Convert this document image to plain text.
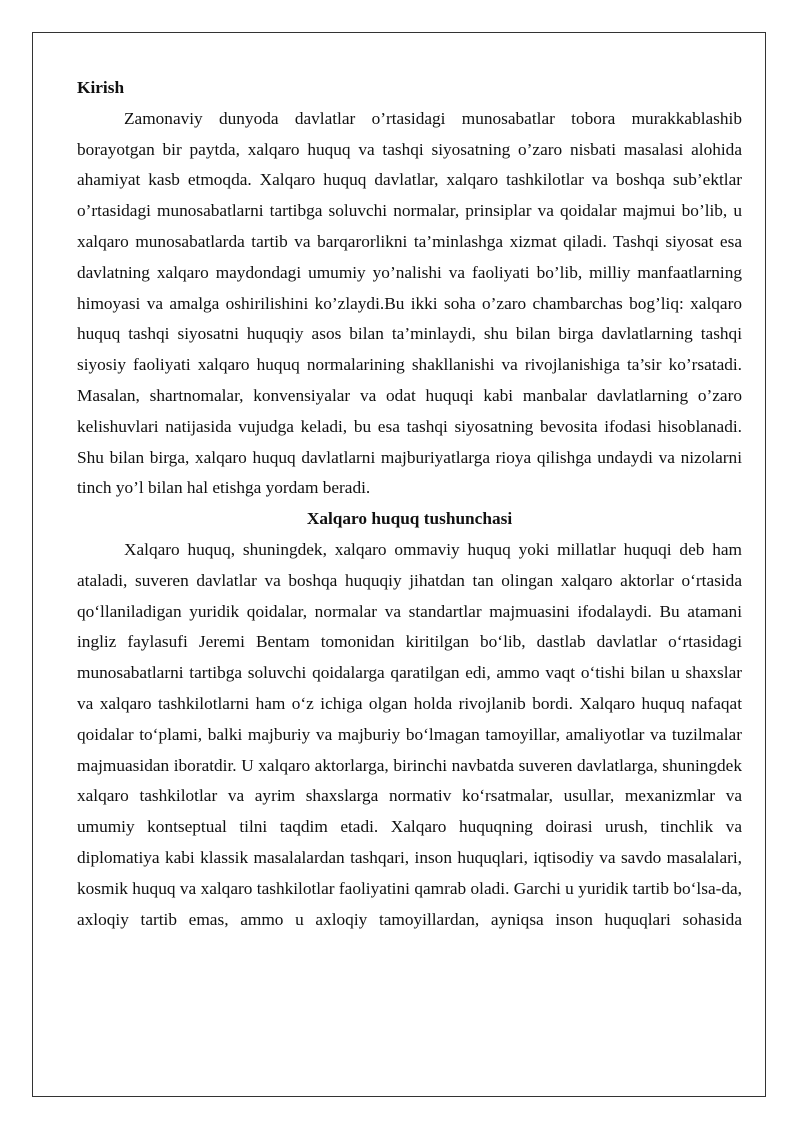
Kirish

Zamonaviy dunyoda davlatlar o’rtasidagi munosabatlar tobora murakkablashib borayotgan bir paytda, xalqaro huquq va tashqi siyosatning o’zaro nisbati masalasi alohida ahamiyat kasb etmoqda. Xalqaro huquq davlatlar, xalqaro tashkilotlar va boshqa sub’ektlar o’rtasidagi munosabatlarni tartibga soluvchi normalar, prinsiplar va qoidalar majmui bo’lib, u xalqaro munosabatlarda tartib va barqarorlikni ta’minlashga xizmat qiladi. Tashqi siyosat esa davlatning xalqaro maydondagi umumiy yo’nalishi va faoliyati bo’lib, milliy manfaatlarning himoyasi va amalga oshirilishini ko’zlaydi.Bu ikki soha o’zaro chambarchas bog’liq: xalqaro huquq tashqi siyosatni huquqiy asos bilan ta’minlaydi, shu bilan birga davlatlarning tashqi siyosiy faoliyati xalqaro huquq normalarining shakllanishi va rivojlanishiga ta’sir ko’rsatadi. Masalan, shartnomalar, konvensiyalar va odat huquqi kabi manbalar davlatlarning o’zaro kelishuvlari natijasida vujudga keladi, bu esa tashqi siyosatning bevosita ifodasi hisoblanadi. Shu bilan birga, xalqaro huquq davlatlarni majburiyatlarga rioya qilishga undaydi va nizolarni tinch yo’l bilan hal etishga yordam beradi.

Xalqaro huquq tushunchasi

Xalqaro huquq, shuningdek, xalqaro ommaviy huquq yoki millatlar huquqi deb ham ataladi, suveren davlatlar va boshqa huquqiy jihatdan tan olingan xalqaro aktorlar o‘rtasida qo‘llaniladigan yuridik qoidalar, normalar va standartlar majmuasini ifodalaydi. Bu atamani ingliz faylasufi Jeremi Bentam tomonidan kiritilgan bo‘lib, dastlab davlatlar o‘rtasidagi munosabatlarni tartibga soluvchi qoidalarga qaratilgan edi, ammo vaqt o‘tishi bilan u shaxslar va xalqaro tashkilotlarni ham o‘z ichiga olgan holda rivojlanib bordi. Xalqaro huquq nafaqat qoidalar to‘plami, balki majburiy va majburiy bo‘lmagan tamoyillar, amaliyotlar va tuzilmalar majmuasidan iboratdir. U xalqaro aktorlarga, birinchi navbatda suveren davlatlarga, shuningdek xalqaro tashkilotlar va ayrim shaxslarga normativ ko‘rsatmalar, usullar, mexanizmlar va umumiy kontseptual tilni taqdim etadi. Xalqaro huquqning doirasi urush, tinchlik va diplomatiya kabi klassik masalalardan tashqari, inson huquqlari, iqtisodiy va savdo masalalari, kosmik huquq va xalqaro tashkilotlar faoliyatini qamrab oladi. Garchi u yuridik tartib bo‘lsa-da, axloqiy tartib emas, ammo u axloqiy tamoyillardan, ayniqsa inson huquqlari sohasida
